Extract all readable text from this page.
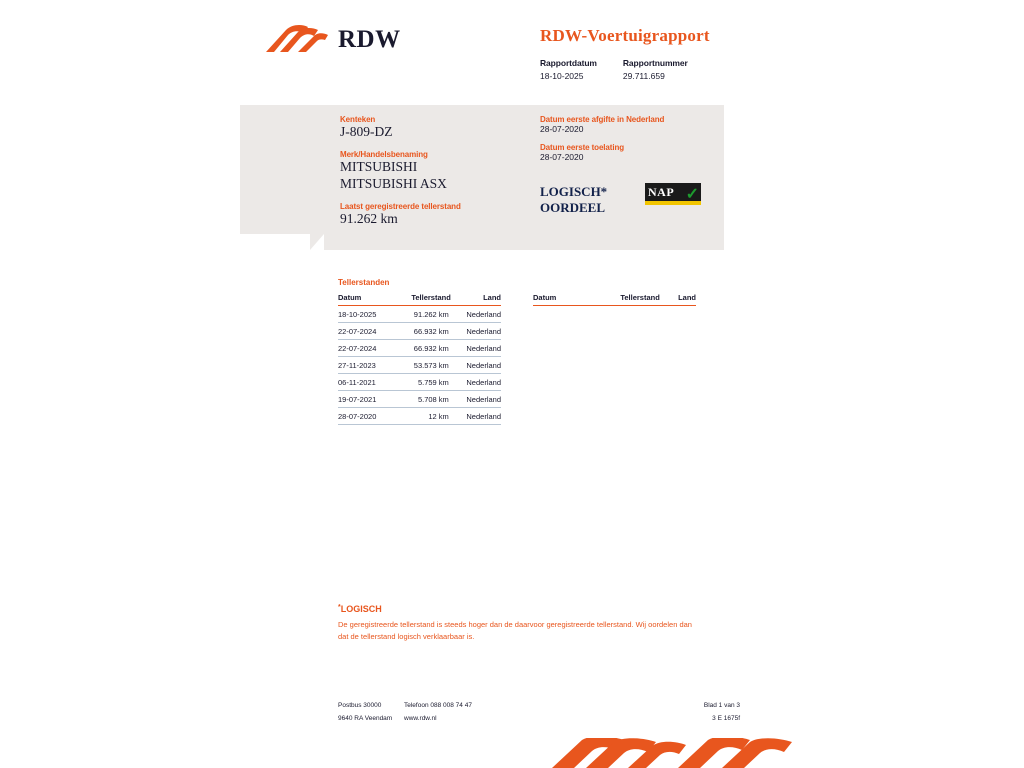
RDW	RDW-Voertuigrapport
Rapportdatum
18-10-2025
Rapportnummer
29.711.659
Kenteken
J-809-DZ
Merk/Handelsbenaming
MITSUBISHI
MITSUBISHI ASX
Laatst geregistreerde tellerstand
91.262 km
Datum eerste afgifte in Nederland
28-07-2020
Datum eerste toelating
28-07-2020
LOGISCH*
OORDEEL
NAP ✓
Tellerstanden
Datum	Tellerstand	Land
18-10-2025	91.262 km	Nederland
22-07-2024	66.932 km	Nederland
22-07-2024	66.932 km	Nederland
27-11-2023	53.573 km	Nederland
06-11-2021	5.759 km	Nederland
19-07-2021	5.708 km	Nederland
28-07-2020	12 km	Nederland
Datum	Tellerstand	Land
*LOGISCH
De geregistreerde tellerstand is steeds hoger dan de daarvoor geregistreerde tellerstand. Wij oordelen dan
dat de tellerstand logisch verklaarbaar is.
Postbus 30000	Telefoon 088 008 74 47
9640 RA Veendam	www.rdw.nl
Blad 1 van 3
3 E 1675f
